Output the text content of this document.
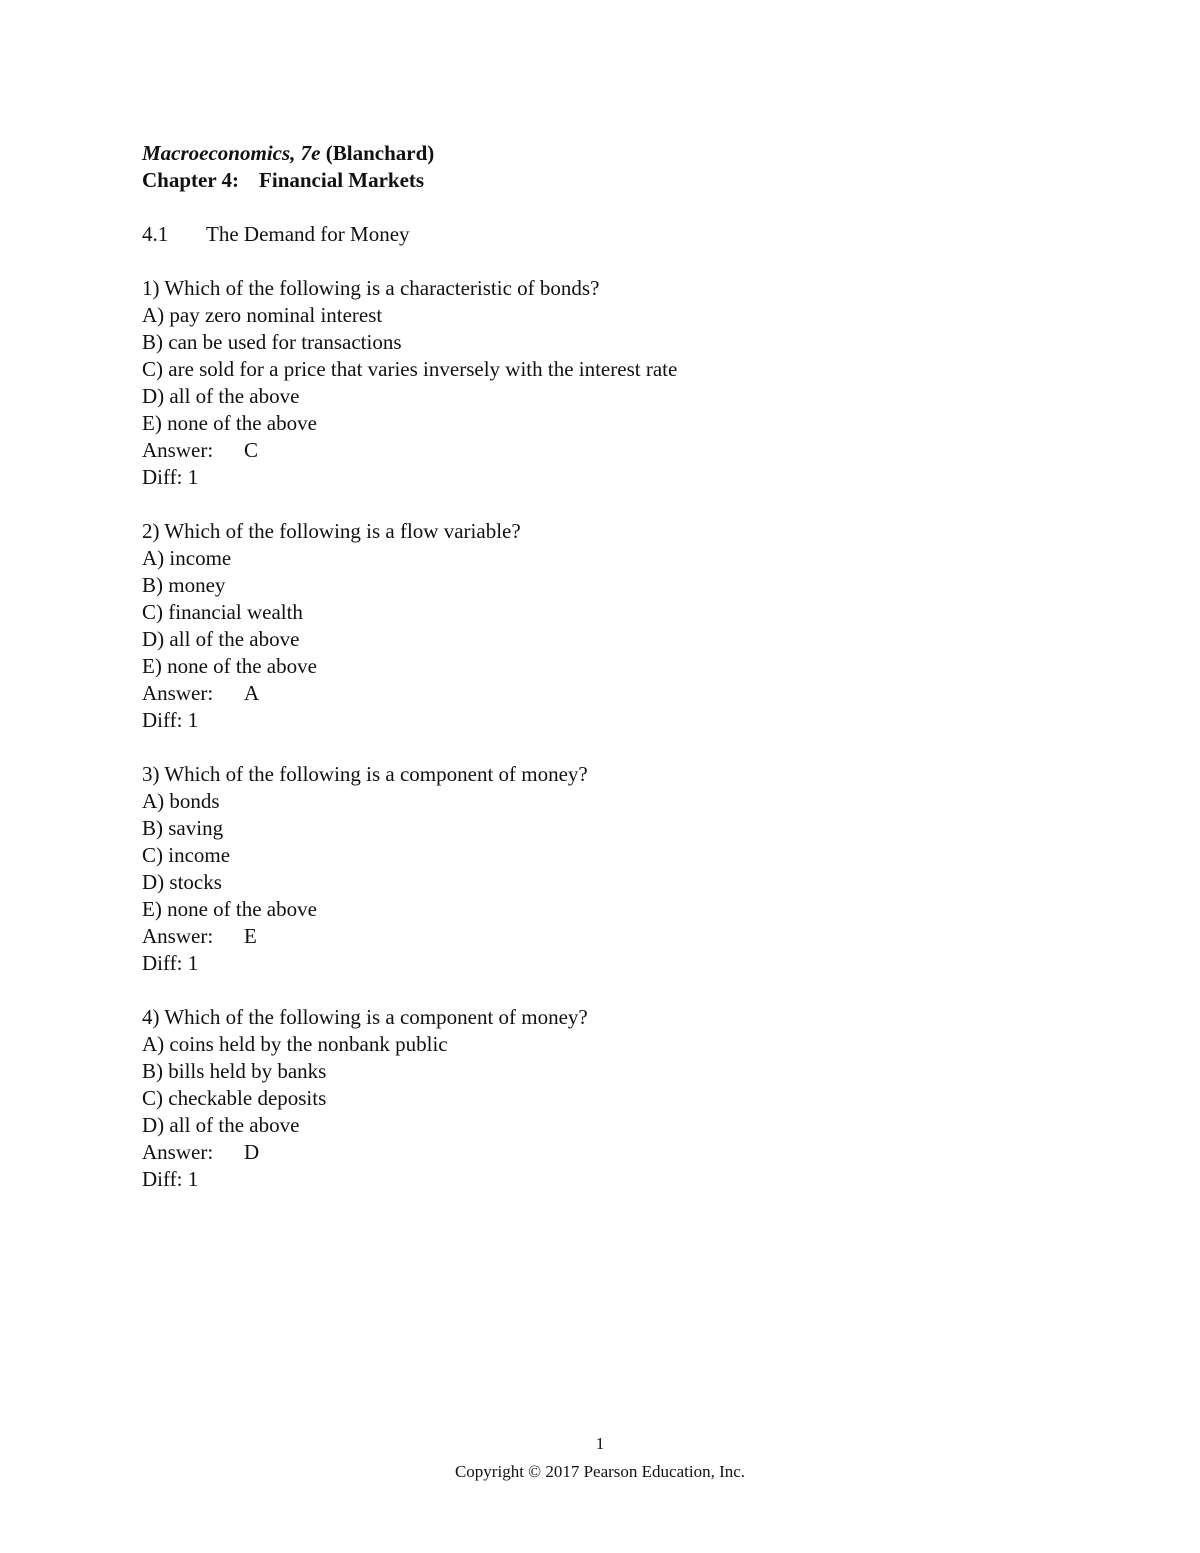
Macroeconomics, 7e (Blanchard)
Chapter 4: Financial Markets
4.1 The Demand for Money
1) Which of the following is a characteristic of bonds?
A) pay zero nominal interest
B) can be used for transactions
C) are sold for a price that varies inversely with the interest rate
D) all of the above
E) none of the above
Answer: C
Diff: 1
2) Which of the following is a flow variable?
A) income
B) money
C) financial wealth
D) all of the above
E) none of the above
Answer: A
Diff: 1
3) Which of the following is a component of money?
A) bonds
B) saving
C) income
D) stocks
E) none of the above
Answer: E
Diff: 1
4) Which of the following is a component of money?
A) coins held by the nonbank public
B) bills held by banks
C) checkable deposits
D) all of the above
Answer: D
Diff: 1
1
Copyright © 2017 Pearson Education, Inc.
